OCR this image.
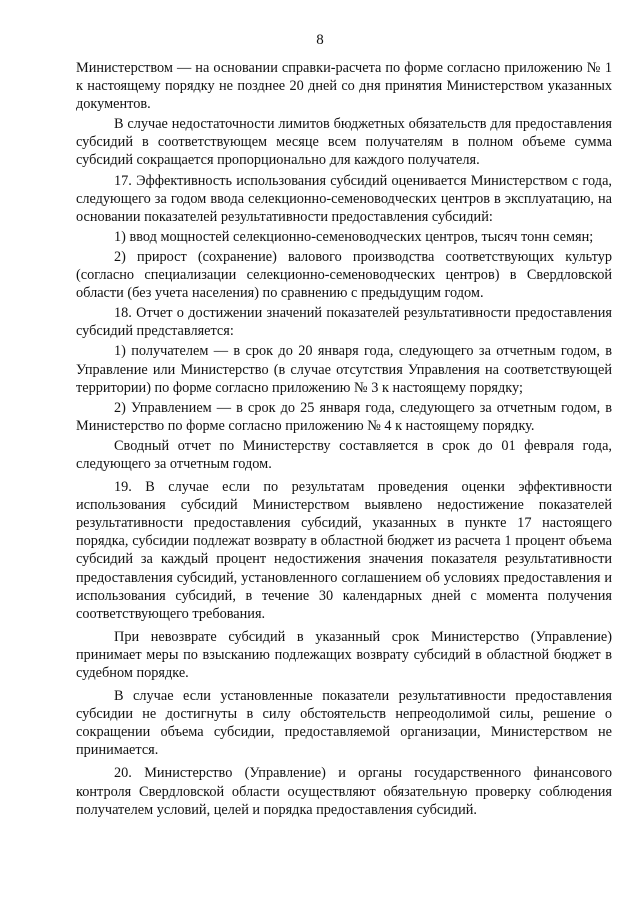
8

Министерством — на основании справки-расчета по форме согласно приложению № 1 к настоящему порядку не позднее 20 дней со дня принятия Министерством указанных документов.

В случае недостаточности лимитов бюджетных обязательств для предоставления субсидий в соответствующем месяце всем получателям в полном объеме сумма субсидий сокращается пропорционально для каждого получателя.

17. Эффективность использования субсидий оценивается Министерством с года, следующего за годом ввода селекционно-семеноводческих центров в эксплуатацию, на основании показателей результативности предоставления субсидий:

1) ввод мощностей селекционно-семеноводческих центров, тысяч тонн семян;

2) прирост (сохранение) валового производства соответствующих культур (согласно специализации селекционно-семеноводческих центров) в Свердловской области (без учета населения) по сравнению с предыдущим годом.

18. Отчет о достижении значений показателей результативности предоставления субсидий представляется:

1) получателем — в срок до 20 января года, следующего за отчетным годом, в Управление или Министерство (в случае отсутствия Управления на соответствующей территории) по форме согласно приложению № 3 к настоящему порядку;

2) Управлением — в срок до 25 января года, следующего за отчетным годом, в Министерство по форме согласно приложению № 4 к настоящему порядку.

Сводный отчет по Министерству составляется в срок до 01 февраля года, следующего за отчетным годом.

19. В случае если по результатам проведения оценки эффективности использования субсидий Министерством выявлено недостижение показателей результативности предоставления субсидий, указанных в пункте 17 настоящего порядка, субсидии подлежат возврату в областной бюджет из расчета 1 процент объема субсидий за каждый процент недостижения значения показателя результативности предоставления субсидий, установленного соглашением об условиях предоставления и использования субсидий, в течение 30 календарных дней с момента получения соответствующего требования.

При невозврате субсидий в указанный срок Министерство (Управление) принимает меры по взысканию подлежащих возврату субсидий в областной бюджет в судебном порядке.

В случае если установленные показатели результативности предоставления субсидии не достигнуты в силу обстоятельств непреодолимой силы, решение о сокращении объема субсидии, предоставляемой организации, Министерством не принимается.

20. Министерство (Управление) и органы государственного финансового контроля Свердловской области осуществляют обязательную проверку соблюдения получателем условий, целей и порядка предоставления субсидий.
